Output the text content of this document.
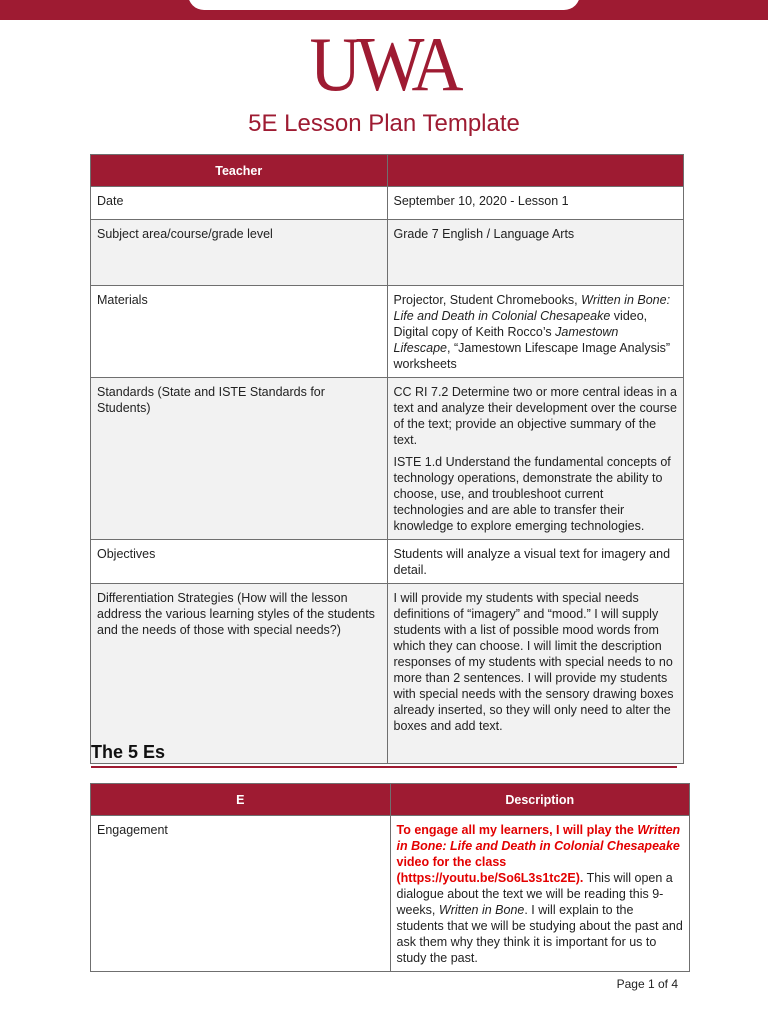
UWA
5E Lesson Plan Template
Teacher	
Date	September 10, 2020 - Lesson 1
Subject area/course/grade level	Grade 7 English / Language Arts
Materials	Projector, Student Chromebooks, Written in Bone: Life and Death in Colonial Chesapeake video, Digital copy of Keith Rocco’s Jamestown Lifescape, “Jamestown Lifescape Image Analysis” worksheets
Standards (State and ISTE Standards for Students)	CC RI 7.2 Determine two or more central ideas in a text and analyze their development over the course of the text; provide an objective summary of the text.

ISTE 1.d Understand the fundamental concepts of technology operations, demonstrate the ability to choose, use, and troubleshoot current technologies and are able to transfer their knowledge to explore emerging technologies.

Objectives	Students will analyze a visual text for imagery and detail.
Differentiation Strategies (How will the lesson address the various learning styles of the students and the needs of those with special needs?)	I will provide my students with special needs definitions of “imagery” and “mood.” I will supply students with a list of possible mood words from which they can choose. I will limit the description responses of my students with special needs to no more than 2 sentences. I will provide my students with special needs with the sensory drawing boxes already inserted, so they will only need to alter the boxes and add text.
The 5 Es
E	Description
Engagement	To engage all my learners, I will play the Written in Bone: Life and Death in Colonial Chesapeake video for the class (https://youtu.be/So6L3s1tc2E). This will open a dialogue about the text we will be reading this 9-weeks, Written in Bone. I will explain to the students that we will be studying about the past and ask them why they think it is important for us to study the past.
Page 1 of 4
